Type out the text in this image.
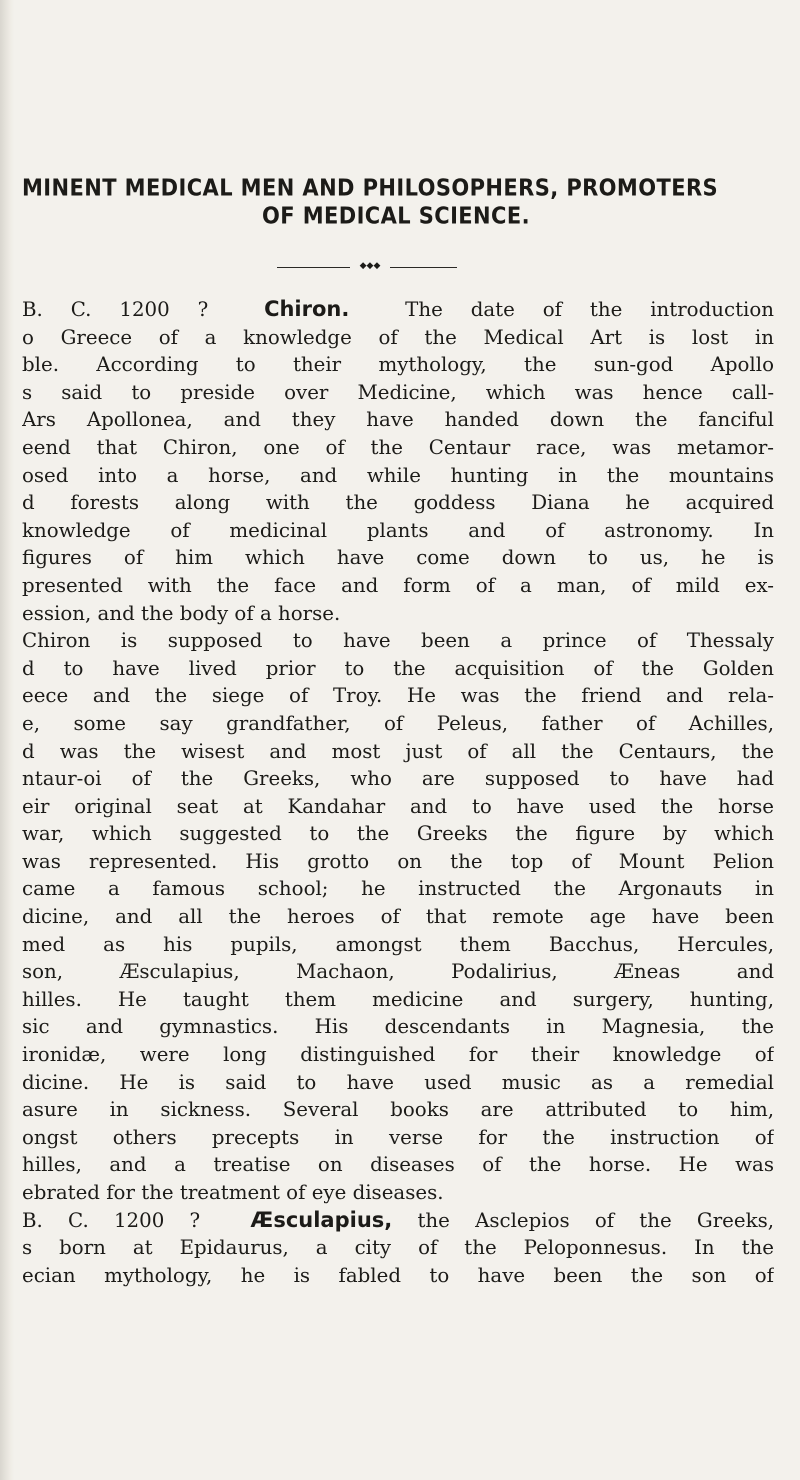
MINENT MEDICAL MEN AND PHILOSOPHERS, PROMOTERS
OF MEDICAL SCIENCE.
◆◆◆
B. C. 1200 ?	Chiron.	The date of the introduction
o Greece of a knowledge of the Medical Art is lost in
ble. According to their mythology, the sun-god Apollo
s said to preside over Medicine, which was hence call-
Ars Apollonea, and they have handed down the fanciful
eend that Chiron, one of the Centaur race, was metamor-
osed into a horse, and while hunting in the mountains
d forests along with the goddess Diana he acquired
knowledge of medicinal plants and of astronomy. In
figures of him which have come down to us, he is
presented with the face and form of a man, of mild ex-
ession, and the body of a horse.
Chiron is supposed to have been a prince of Thessaly
d to have lived prior to the acquisition of the Golden
eece and the siege of Troy. He was the friend and rela-
e, some say grandfather, of Peleus, father of Achilles,
d was the wisest and most just of all the Centaurs, the
ntaur-oi of the Greeks, who are supposed to have had
eir original seat at Kandahar and to have used the horse
war, which suggested to the Greeks the figure by which
was represented. His grotto on the top of Mount Pelion
came a famous school; he instructed the Argonauts in
dicine, and all the heroes of that remote age have been
med as his pupils, amongst them Bacchus, Hercules,
son, Æsculapius, Machaon, Podalirius, Æneas and
hilles. He taught them medicine and surgery, hunting,
sic and gymnastics. His descendants in Magnesia, the
ironidæ, were long distinguished for their knowledge of
dicine. He is said to have used music as a remedial
asure in sickness. Several books are attributed to him,
ongst others precepts in verse for the instruction of
hilles, and a treatise on diseases of the horse. He was
ebrated for the treatment of eye diseases.
B. C. 1200 ? Æsculapius, the Asclepios of the Greeks,
s born at Epidaurus, a city of the Peloponnesus. In the
ecian mythology, he is fabled to have been the son of
